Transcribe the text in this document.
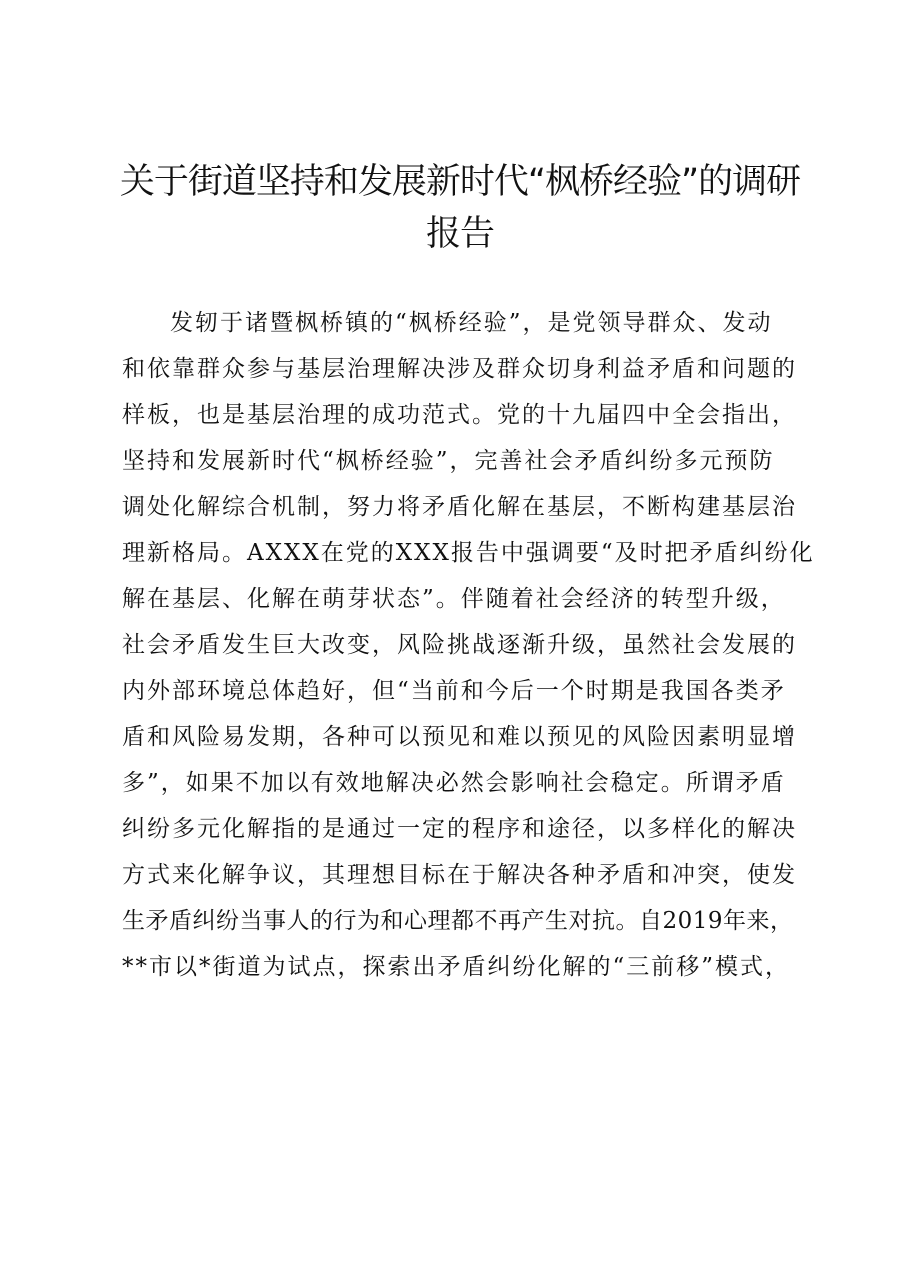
关于街道坚持和发展新时代“枫桥经验”的调研报告
发轫于诸暨枫桥镇的“枫桥经验”，是党领导群众、发动
和依靠群众参与基层治理解决涉及群众切身利益矛盾和问题的
样板，也是基层治理的成功范式。党的十九届四中全会指出，
坚持和发展新时代“枫桥经验”，完善社会矛盾纠纷多元预防
调处化解综合机制，努力将矛盾化解在基层，不断构建基层治
理新格局。AXXX在党的XXX报告中强调要“及时把矛盾纠纷化
解在基层、化解在萌芽状态”。伴随着社会经济的转型升级，
社会矛盾发生巨大改变，风险挑战逐渐升级，虽然社会发展的
内外部环境总体趋好，但“当前和今后一个时期是我国各类矛
盾和风险易发期，各种可以预见和难以预见的风险因素明显增
多”，如果不加以有效地解决必然会影响社会稳定。所谓矛盾
纠纷多元化解指的是通过一定的程序和途径，以多样化的解决
方式来化解争议，其理想目标在于解决各种矛盾和冲突，使发
生矛盾纠纷当事人的行为和心理都不再产生对抗。自2019年来，
**市以*街道为试点，探索出矛盾纠纷化解的“三前移”模式，
